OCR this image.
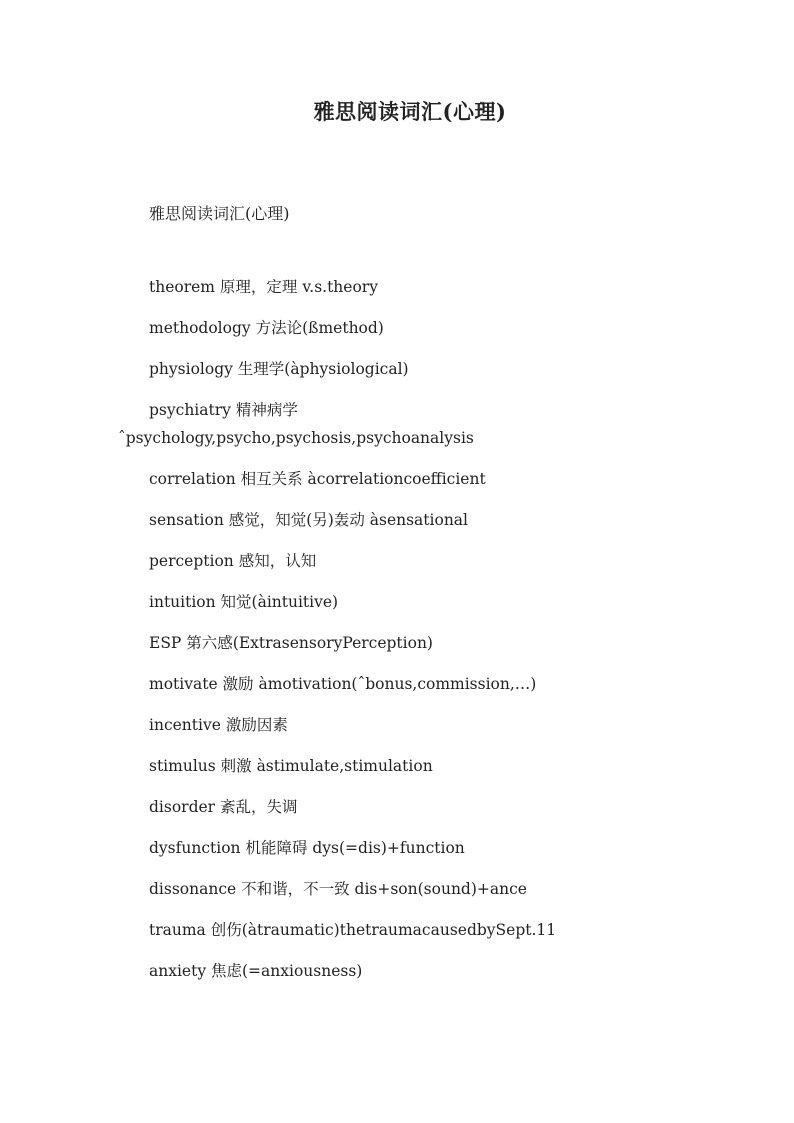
雅思阅读词汇(心理)

雅思阅读词汇(心理)

theorem 原理，定理 v.s.theory
methodology 方法论(ßmethod)
physiology 生理学(àphysiological)
psychiatry 精神病学
ˆpsychology,psycho,psychosis,psychoanalysis
correlation 相互关系 àcorrelationcoefficient
sensation 感觉，知觉(另)轰动 àsensational
perception 感知，认知
intuition 知觉(àintuitive)
ESP 第六感(ExtrasensoryPerception)
motivate 激励 àmotivation(ˆbonus,commission,…)
incentive 激励因素
stimulus 刺激 àstimulate,stimulation
disorder 紊乱，失调
dysfunction 机能障碍 dys(=dis)+function
dissonance 不和谐，不一致 dis+son(sound)+ance
trauma 创伤(àtraumatic)thetraumacausedbySept.11
anxiety 焦虑(=anxiousness)
